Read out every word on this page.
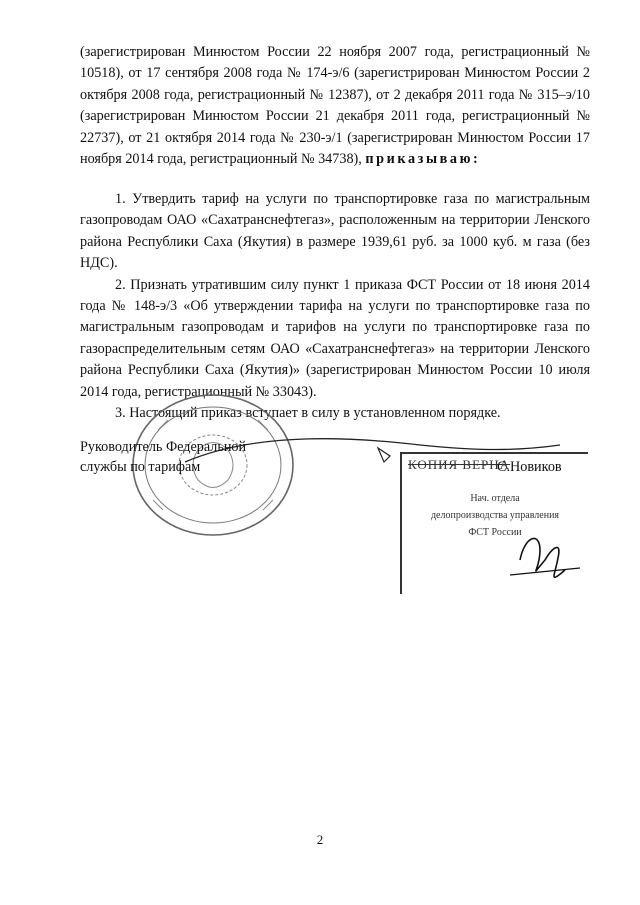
(зарегистрирован Минюстом России 22 ноября 2007 года, регистрационный № 10518), от 17 сентября 2008 года № 174-э/6 (зарегистрирован Минюстом России 2 октября 2008 года, регистрационный № 12387), от 2 декабря 2011 года № 315–э/10 (зарегистрирован Минюстом России 21 декабря 2011 года, регистрационный № 22737), от 21 октября 2014 года № 230-э/1 (зарегистрирован Минюстом России 17 ноября 2014 года, регистрационный № 34738), приказываю:

1. Утвердить тариф на услуги по транспортировке газа по магистральным газопроводам ОАО «Сахатранснефтегаз», расположенным на территории Ленского района Республики Саха (Якутия) в размере 1939,61 руб. за 1000 куб. м газа (без НДС).

2. Признать утратившим силу пункт 1 приказа ФСТ России от 18 июня 2014 года № 148-э/3 «Об утверждении тарифа на услуги по транспортировке газа по магистральным газопроводам и тарифов на услуги по транспортировке газа по газораспределительным сетям ОАО «Сахатранснефтегаз» на территории Ленского района Республики Саха (Якутия)» (зарегистрирован Минюстом России 10 июля 2014 года, регистрационный № 33043).

3. Настоящий приказ вступает в силу в установленном порядке.

Руководитель Федеральной
службы по тарифам	КОПИЯ ВЕРНА
С.Новиков
Нач. отдела
делопроизводства управления
ФСТ России
2
